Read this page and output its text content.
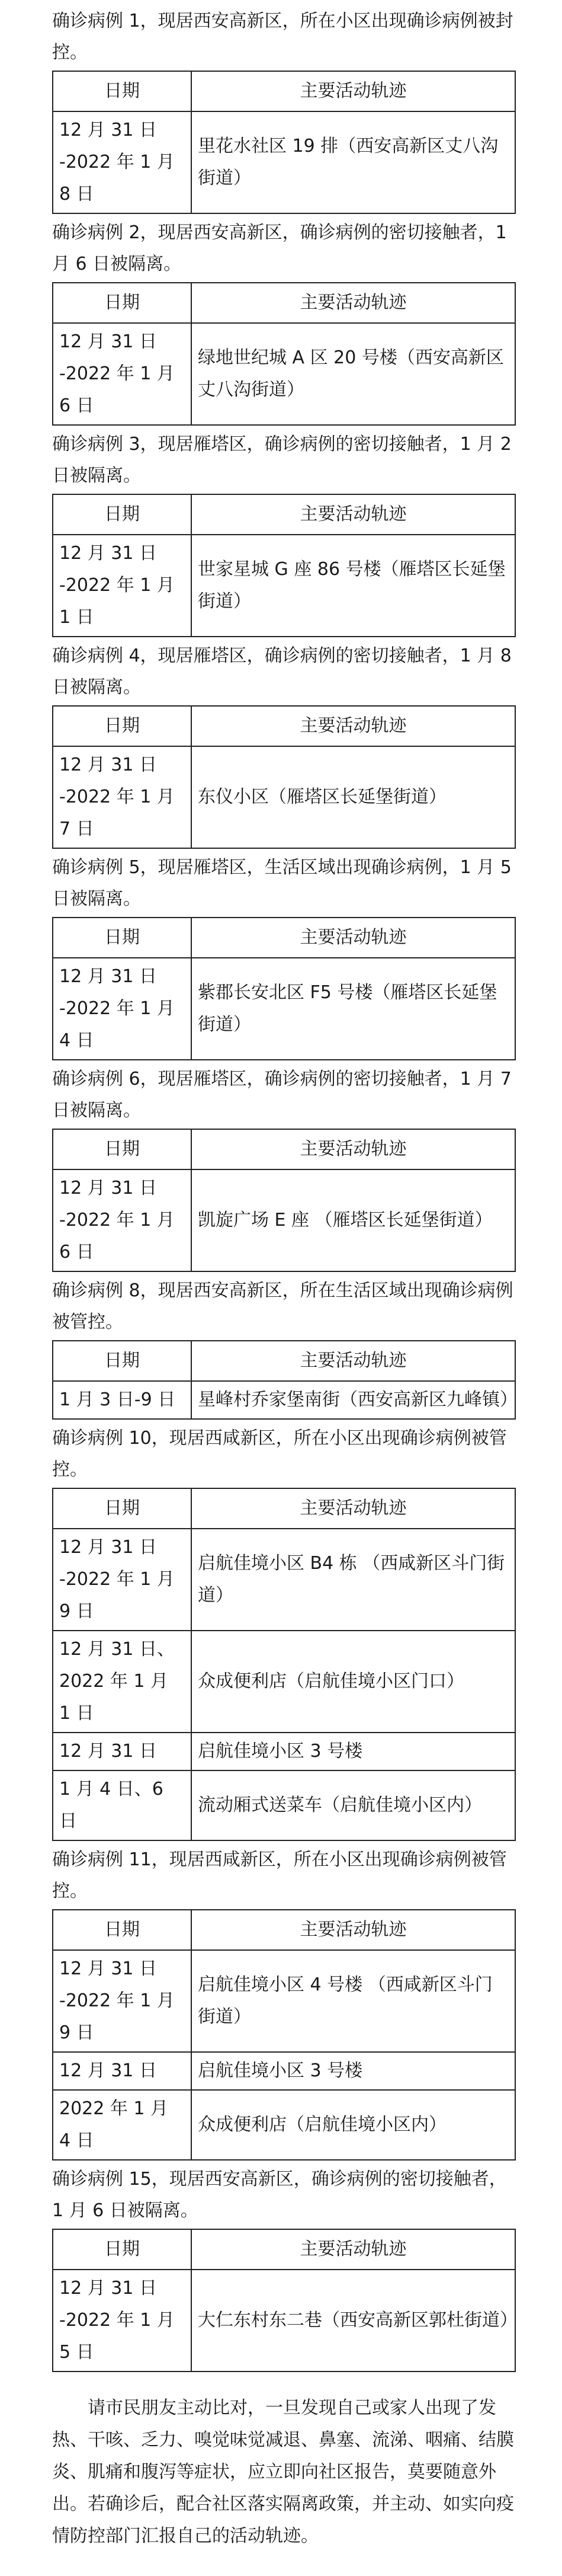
确诊病例 1，现居西安高新区，所在小区出现确诊病例被封控。

日期	主要活动轨迹
12 月 31 日 -2022 年 1 月 8 日	里花水社区 19 排（西安高新区丈八沟街道）

确诊病例 2，现居西安高新区，确诊病例的密切接触者，1 月 6 日被隔离。

日期	主要活动轨迹
12 月 31 日 -2022 年 1 月 6 日	绿地世纪城 A 区 20 号楼（西安高新区丈八沟街道）

确诊病例 3，现居雁塔区，确诊病例的密切接触者，1 月 2 日被隔离。

日期	主要活动轨迹
12 月 31 日 -2022 年 1 月 1 日	世家星城 G 座 86 号楼（雁塔区长延堡街道）

确诊病例 4，现居雁塔区，确诊病例的密切接触者，1 月 8 日被隔离。

日期	主要活动轨迹
12 月 31 日 -2022 年 1 月 7 日	东仪小区（雁塔区长延堡街道）

确诊病例 5，现居雁塔区，生活区域出现确诊病例，1 月 5 日被隔离。

日期	主要活动轨迹
12 月 31 日 -2022 年 1 月 4 日	紫郡长安北区 F5 号楼（雁塔区长延堡街道）

确诊病例 6，现居雁塔区，确诊病例的密切接触者，1 月 7 日被隔离。

日期	主要活动轨迹
12 月 31 日 -2022 年 1 月 6 日	凯旋广场 E 座 （雁塔区长延堡街道）

确诊病例 8，现居西安高新区，所在生活区域出现确诊病例被管控。

日期	主要活动轨迹
1 月 3 日-9 日	星峰村乔家堡南街（西安高新区九峰镇）

确诊病例 10，现居西咸新区，所在小区出现确诊病例被管控。

日期	主要活动轨迹
12 月 31 日 -2022 年 1 月 9 日	启航佳境小区 B4 栋 （西咸新区斗门街道）
12 月 31 日、2022 年 1 月 1 日	众成便利店（启航佳境小区门口）
12 月 31 日	启航佳境小区 3 号楼
1 月 4 日、6 日	流动厢式送菜车（启航佳境小区内）

确诊病例 11，现居西咸新区，所在小区出现确诊病例被管控。

日期	主要活动轨迹
12 月 31 日 -2022 年 1 月 9 日	启航佳境小区 4 号楼 （西咸新区斗门街道）
12 月 31 日	启航佳境小区 3 号楼
2022 年 1 月 4 日	众成便利店（启航佳境小区内）

确诊病例 15，现居西安高新区，确诊病例的密切接触者，1 月 6 日被隔离。

日期	主要活动轨迹
12 月 31 日 -2022 年 1 月 5 日	大仁东村东二巷（西安高新区郭杜街道）

请市民朋友主动比对，一旦发现自己或家人出现了发热、干咳、乏力、嗅觉味觉减退、鼻塞、流涕、咽痛、结膜炎、肌痛和腹泻等症状，应立即向社区报告，莫要随意外出。若确诊后，配合社区落实隔离政策，并主动、如实向疫情防控部门汇报自己的活动轨迹。
